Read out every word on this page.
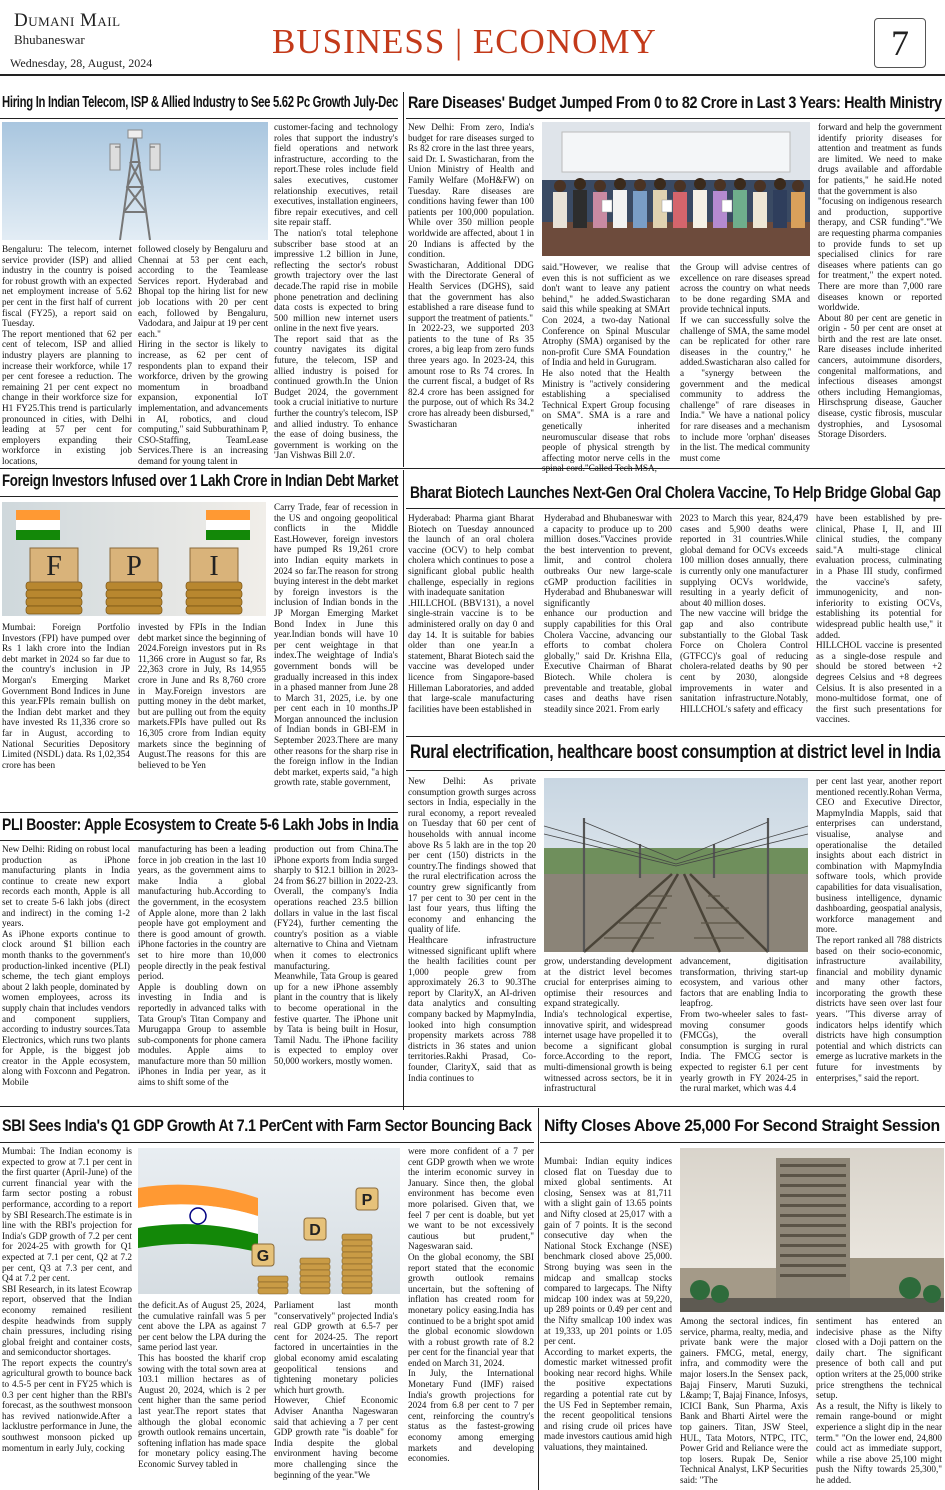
Dumani Mail
Bhubaneswar
Wednesday, 28, August, 2024
BUSINESS | ECONOMY	7
Hiring In Indian Telecom, ISP & Allied Industry to See 5.62 Pc Growth July-Dec
Bengaluru: The telecom, internet service provider (ISP) and allied industry in the country is poised for robust growth with an expected net employment increase of 5.62 per cent in the first half of current fiscal (FY25), a report said on Tuesday.
The report mentioned that 62 per cent of telecom, ISP and allied industry players are planning to increase their workforce, while 17 per cent foresee a reduction. The remaining 21 per cent expect no change in their workforce size for H1 FY25.This trend is particularly pronounced in cities, with Delhi leading at 57 per cent for employers expanding their workforce in existing job locations,
followed closely by Bengaluru and Chennai at 53 per cent each, according to the Teamlease Services report. Hyderabad and Bhopal top the hiring list for new job locations with 20 per cent each, followed by Bengaluru, Vadodara, and Jaipur at 19 per cent each."
Hiring in the sector is likely to increase, as 62 per cent of respondents plan to expand their workforce, driven by the growing momentum in broadband expansion, exponential IoT implementation, and advancements in AI, robotics, and cloud computing," said Subburathinam P, CSO-Staffing, TeamLease Services.There is an increasing demand for young talent in
customer-facing and technology roles that support the industry's field operations and network infrastructure, according to the report.These roles include field sales executives, customer relationship executives, retail executives, installation engineers, fibre repair executives, and cell site repair staff.
The nation's total telephone subscriber base stood at an impressive 1.2 billion in June, reflecting the sector's robust growth trajectory over the last decade.The rapid rise in mobile phone penetration and declining data costs is expected to bring 500 million new internet users online in the next five years.
The report said that as the country navigates its digital future, the telecom, ISP and allied industry is poised for continued growth.In the Union Budget 2024, the government took a crucial initiative to nurture further the country's telecom, ISP and allied industry. To enhance the ease of doing business, the government is working on the 'Jan Vishwas Bill 2.0'.
Rare Diseases' Budget Jumped From 0 to 82 Crore in Last 3 Years: Health Ministry
New Delhi: From zero, India's budget for rare diseases surged to Rs 82 crore in the last three years, said Dr. L Swasticharan, from the Union Ministry of Health and Family Welfare (MoH&FW) on Tuesday. Rare diseases are conditions having fewer than 100 patients per 100,000 population. While over 350 million people worldwide are affected, about 1 in 20 Indians is affected by the condition.
Swasticharan, Additional DDG with the Directorate General of Health Services (DGHS), said that the government has also established a rare disease fund to support the treatment of patients."
In 2022-23, we supported 203 patients to the tune of Rs 35 crores, a big leap from zero funds three years ago. In 2023-24, this amount rose to Rs 74 crores. In the current fiscal, a budget of Rs 82.4 crore has been assigned for the purpose, out of which Rs 34.2 crore has already been disbursed," Swasticharan
said."However, we realise that even this is not sufficient as we don't want to leave any patient behind," he added.Swasticharan said this while speaking at SMArt Con 2024, a two-day National Conference on Spinal Muscular Atrophy (SMA) organised by the non-profit Cure SMA Foundation of India and held in Gurugram.
He also noted that the Health Ministry is "actively considering establishing a specialised Technical Expert Group focusing on SMA". SMA is a rare and genetically inherited neuromuscular disease that robs people of physical strength by affecting motor nerve cells in the
the Group will advise centres of excellence on rare diseases spread across the country on what needs to be done regarding SMA and provide technical inputs.
If we can successfully solve the challenge of SMA, the same model can be replicated for other rare diseases in the country," he added.Swasticharan also called for a "synergy between the government and the medical community to address the challenge" of rare diseases in India." We have a national policy for rare diseases and a mechanism to include more 'orphan' diseases in the list. The medical community must come
forward and help the government identify priority diseases for attention and treatment as funds are limited. We need to make drugs available and affordable for patients," he said.He noted that the government is also
"focusing on indigenous research and production, supportive therapy, and CSR funding"."We are requesting pharma companies to provide funds to set up specialised clinics for rare diseases where patients can go for treatment," the expert noted. There are more than 7,000 rare diseases known or reported worldwide.
About 80 per cent are genetic in origin - 50 per cent are onset at birth and the rest are late onset. Rare diseases include inherited cancers, autoimmune disorders, congenital malformations, and infectious diseases amongst others including Hemangiomas, Hirschsprung disease, Gaucher disease, cystic fibrosis, muscular dystrophies, and Lysosomal Storage Disorders.
Foreign Investors Infused over 1 Lakh Crore in Indian Debt Market
F P I
Mumbai: Foreign Portfolio Investors (FPI) have pumped over Rs 1 lakh crore into the Indian debt market in 2024 so far due to the country's inclusion in JP Morgan's Emerging Market Government Bond Indices in June this year.FPIs remain bullish on the Indian debt market and they have invested Rs 11,336 crore so far in August, according to National Securities Depository Limited (NSDL) data. Rs 1,02,354 crore has been
invested by FPIs in the Indian debt market since the beginning of 2024.Foreign investors put in Rs 11,366 crore in August so far, Rs 22,363 crore in July, Rs 14,955 crore in June and Rs 8,760 crore in May.Foreign investors are putting money in the debt market, but are pulling out from the equity markets.FPIs have pulled out Rs 16,305 crore from Indian equity markets since the beginning of August.The reasons for this are believed to be Yen
Carry Trade, fear of recession in the US and ongoing geopolitical conflicts in the Middle East.However, foreign investors have pumped Rs 19,261 crore into Indian equity markets in 2024 so far.The reason for strong buying interest in the debt market by foreign investors is the inclusion of Indian bonds in the JP Morgan Emerging Market Bond Index in June this year.Indian bonds will have 10 per cent weightage in that index.The weightage of India's government bonds will be gradually increased in this index in a phased manner from June 28 to March 31, 2025, i.e. by one per cent each in 10 months.JP Morgan announced the inclusion of Indian bonds in GBI-EM in September 2023.There are many other reasons for the sharp rise in the foreign inflow in the Indian debt market, experts said, "a high growth rate, stable government,
Bharat Biotech Launches Next-Gen Oral Cholera Vaccine, To Help Bridge Global Gap
Hyderabad: Pharma giant Bharat Biotech on Tuesday announced the launch of an oral cholera vaccine (OCV) to help combat cholera which continues to pose a significant global public health challenge, especially in regions with inadequate sanitation
.HILLCHOL (BBV131), a novel single-strain vaccine is to be administered orally on day 0 and day 14. It is suitable for babies older than one year.In a statement, Bharat Biotech said the vaccine was developed under licence from Singapore-based Hilleman Laboratories, and added that large-scale manufacturing facilities have been established in
Hyderabad and Bhubaneswar with a capacity to produce up to 200 million doses."Vaccines provide the best intervention to prevent, limit, and control cholera outbreaks Our new large-scale cGMP production facilities in Hyderabad and Bhubaneswar will significantly
enhance our production and supply capabilities for this Oral Cholera Vaccine, advancing our efforts to combat cholera globally," said Dr. Krishna Ella, Executive Chairman of Bharat Biotech. While cholera is preventable and treatable, global cases and deaths have risen steadily since 2021. From early
2023 to March this year, 824,479 cases and 5,900 deaths were reported in 31 countries.While global demand for OCVs exceeds 100 million doses annually, there is currently only one manufacturer supplying OCVs worldwide, resulting in a yearly deficit of about 40 million doses.
The new vaccine will bridge the gap and also contribute substantially to the Global Task Force on Cholera Control (GTFCC)'s goal of reducing cholera-related deaths by 90 per cent by 2030, alongside improvements in water and sanitation infrastructure.Notably, HILLCHOL's safety and efficacy
have been established by pre-clinical, Phase I, II, and III clinical studies, the company said."A multi-stage clinical evaluation process, culminating in a Phase III study, confirmed the vaccine's safety, immunogenicity, and non-inferiority to existing OCVs, establishing its potential for widespread public health use," it added.
HILLCHOL vaccine is presented as a single-dose respule and should be stored between +2 degrees Celsius and +8 degrees Celsius. It is also presented in a mono-multidose format, one of the first such presentations for vaccines.
PLI Booster: Apple Ecosystem to Create 5-6 Lakh Jobs in India
New Delhi: Riding on robust local production as iPhone manufacturing plants in India continue to create new export records each month, Apple is all set to create 5-6 lakh jobs (direct and indirect) in the coming 1-2 years.
As iPhone exports continue to clock around $1 billion each month thanks to the government's production-linked incentive (PLI) scheme, the tech giant employs about 2 lakh people, dominated by women employees, across its supply chain that includes vendors and component suppliers, according to industry sources.Tata Electronics, which runs two plants for Apple, is the biggest job creator in the Apple ecosystem, along with Foxconn and Pegatron. Mobile
manufacturing has been a leading force in job creation in the last 10 years, as the government aims to make India a global manufacturing hub.According to the government, in the ecosystem of Apple alone, more than 2 lakh people have got employment and there is good amount of growth. iPhone factories in the country are set to hire more than 10,000 people directly in the peak festival period.
Apple is doubling down on investing in India and is reportedly in advanced talks with Tata Group's Titan Company and Murugappa Group to assemble sub-components for phone camera modules. Apple aims to manufacture more than 50 million iPhones in India per year, as it aims to shift some of the
production out from China.The iPhone exports from India surged sharply to $12.1 billion in 2023-24 from $6.27 billion in 2022-23. Overall, the company's India operations reached 23.5 billion dollars in value in the last fiscal (FY24), further cementing the country's position as a viable alternative to China and Vietnam when it comes to electronics manufacturing.
Meanwhile, Tata Group is geared up for a new iPhone assembly plant in the country that is likely to become operational in the festive quarter. The iPhone unit by Tata is being built in Hosur, Tamil Nadu. The iPhone facility is expected to employ over 50,000 workers, mostly women.
Rural electrification, healthcare boost consumption at district level in India
New Delhi: As private consumption growth surges across sectors in India, especially in the rural economy, a report revealed on Tuesday that 60 per cent of households with annual income above Rs 5 lakh are in the top 20 per cent (150) districts in the country.The findings showed that the rural electrification across the country grew significantly from 17 per cent to 30 per cent in the last four years, thus lifting the economy and enhancing the quality of life.
Healthcare infrastructure witnessed significant uplift where the health facilities count per 1,000 people grew from approximately 26.3 to 90.3The report by ClarityX, an AI-driven data analytics and consulting company backed by MapmyIndia, looked into high consumption propensity markets across 788 districts in 36 states and union territories.Rakhi Prasad, Co-founder, ClarityX, said that as India continues to
grow, understanding development at the district level becomes crucial for enterprises aiming to optimise their resources and expand strategically.
India's technological expertise, innovative spirit, and widespread internet usage have propelled it to become a significant global force.According to the report, multi-dimensional growth is being witnessed across sectors, be it in infrastructural
advancement, digitisation transformation, thriving start-up ecosystem, and various other factors that are enabling India to leapfrog.
From two-wheeler sales to fast-moving consumer goods (FMCGs), the overall consumption is surging in rural India. The FMCG sector is expected to register 6.1 per cent yearly growth in FY 2024-25 in the rural market, which was 4.4
per cent last year, another report mentioned recently.Rohan Verma, CEO and Executive Director, MapmyIndia Mappls, said that enterprises can understand, visualise, analyse and operationalise the detailed insights about each district in combination with MapmyIndia software tools, which provide capabilities for data visualisation, business intelligence, dynamic dashboarding, geospatial analysis, workforce management and more.
The report ranked all 788 districts based on their socio-economic, infrastructure availability, financial and mobility dynamic and many other factors, incorporating the growth these districts have seen over last four years. "This diverse array of indicators helps identify which districts have high consumption potential and which districts can emerge as lucrative markets in the future for investments by enterprises," said the report.
SBI Sees India's Q1 GDP Growth At 7.1 PerCent with Farm Sector Bouncing Back
Mumbai: The Indian economy is expected to grow at 7.1 per cent in the first quarter (April-June) of the current financial year with the farm sector posting a robust performance, according to a report by SBI Research.The estimate is in line with the RBI's projection for India's GDP growth of 7.2 per cent for 2024-25 with growth for Q1 expected at 7.1 per cent, Q2 at 7.2 per cent, Q3 at 7.3 per cent, and Q4 at 7.2 per cent.
SBI Research, in its latest Ecowrap report, observed that the Indian economy remained resilient despite headwinds from supply chain pressures, including rising global freight and container costs, and semiconductor shortages.
The report expects the country's agricultural growth to bounce back to 4.5-5 per cent in FY25 which is 0.3 per cent higher than the RBI's forecast, as the southwest monsoon has revived nationwide.After a lacklustre performance in June, the southwest monsoon picked up momentum in early July, cocking
G
D
P
the deficit.As of August 25, 2024, the cumulative rainfall was 5 per cent above the LPA as against 7 per cent below the LPA during the same period last year.
This has boosted the kharif crop sowing with the total sown area at 103.1 million hectares as of August 20, 2024, which is 2 per cent higher than the same period last year.The report states that although the global economic growth outlook remains uncertain, softening inflation has made space for monetary policy easing.The Economic Survey tabled in
Parliament last month "conservatively" projected India's real GDP growth at 6.5-7 per cent for 2024-25. The report factored in uncertainties in the global economy amid escalating geopolitical tensions and tightening monetary policies which hurt growth.
However, Chief Economic Adviser Anantha Nageswaran said that achieving a 7 per cent GDP growth rate "is doable" for India despite the global environment having become more challenging since the beginning of the year."We
were more confident of a 7 per cent GDP growth when we wrote the interim economic survey in January. Since then, the global environment has become even more polarised. Given that, we feel 7 per cent is doable, but yet we want to be not excessively cautious but prudent," Nageswaran said.
On the global economy, the SBI report stated that the economic growth outlook remains uncertain, but the softening of inflation has created room for monetary policy easing.India has continued to be a bright spot amid the global economic slowdown with a robust growth rate of 8.2 per cent for the financial year that ended on March 31, 2024.
In July, the International Monetary Fund (IMF) raised India's growth projections for 2024 from 6.8 per cent to 7 per cent, reinforcing the country's status as the fastest-growing economy among emerging markets and developing economies.
Nifty Closes Above 25,000 For Second Straight Session
Mumbai: Indian equity indices closed flat on Tuesday due to mixed global sentiments. At closing, Sensex was at 81,711 with a slight gain of 13.65 points and Nifty closed at 25,017 with a gain of 7 points. It is the second consecutive day when the National Stock Exchange (NSE) benchmark closed above 25,000. Strong buying was seen in the midcap and smallcap stocks compared to largecaps. The Nifty midcap 100 index was at 59,220, up 289 points or 0.49 per cent and the Nifty smallcap 100 index was at 19,333, up 201 points or 1.05 per cent.
According to market experts, the domestic market witnessed profit booking near record highs. While the positive expectations regarding a potential rate cut by the US Fed in September remain, the recent geopolitical tensions and rising crude oil prices have made investors cautious amid high valuations, they maintained.
Among the sectoral indices, fin service, pharma, realty, media, and private bank were the major gainers. FMCG, metal, energy, infra, and commodity were the major losers.In the Sensex pack, Bajaj Finserv, Maruti Suzuki, L&amp; T, Bajaj Finance, Infosys, ICICI Bank, Sun Pharma, Axis Bank and Bharti Airtel were the top gainers. Titan, JSW Steel, HUL, Tata Motors, NTPC, ITC, Power Grid and Reliance were the top losers. Rupak De, Senior Technical Analyst, LKP Securities said: "The
sentiment has entered an indecisive phase as the Nifty closed with a Doji pattern on the daily chart. The significant presence of both call and put option writers at the 25,000 strike price strengthens the technical setup.
As a result, the Nifty is likely to remain range-bound or might experience a slight dip in the near term." "On the lower end, 24,800 could act as immediate support, while a rise above 25,100 might push the Nifty towards 25,300," he added.
